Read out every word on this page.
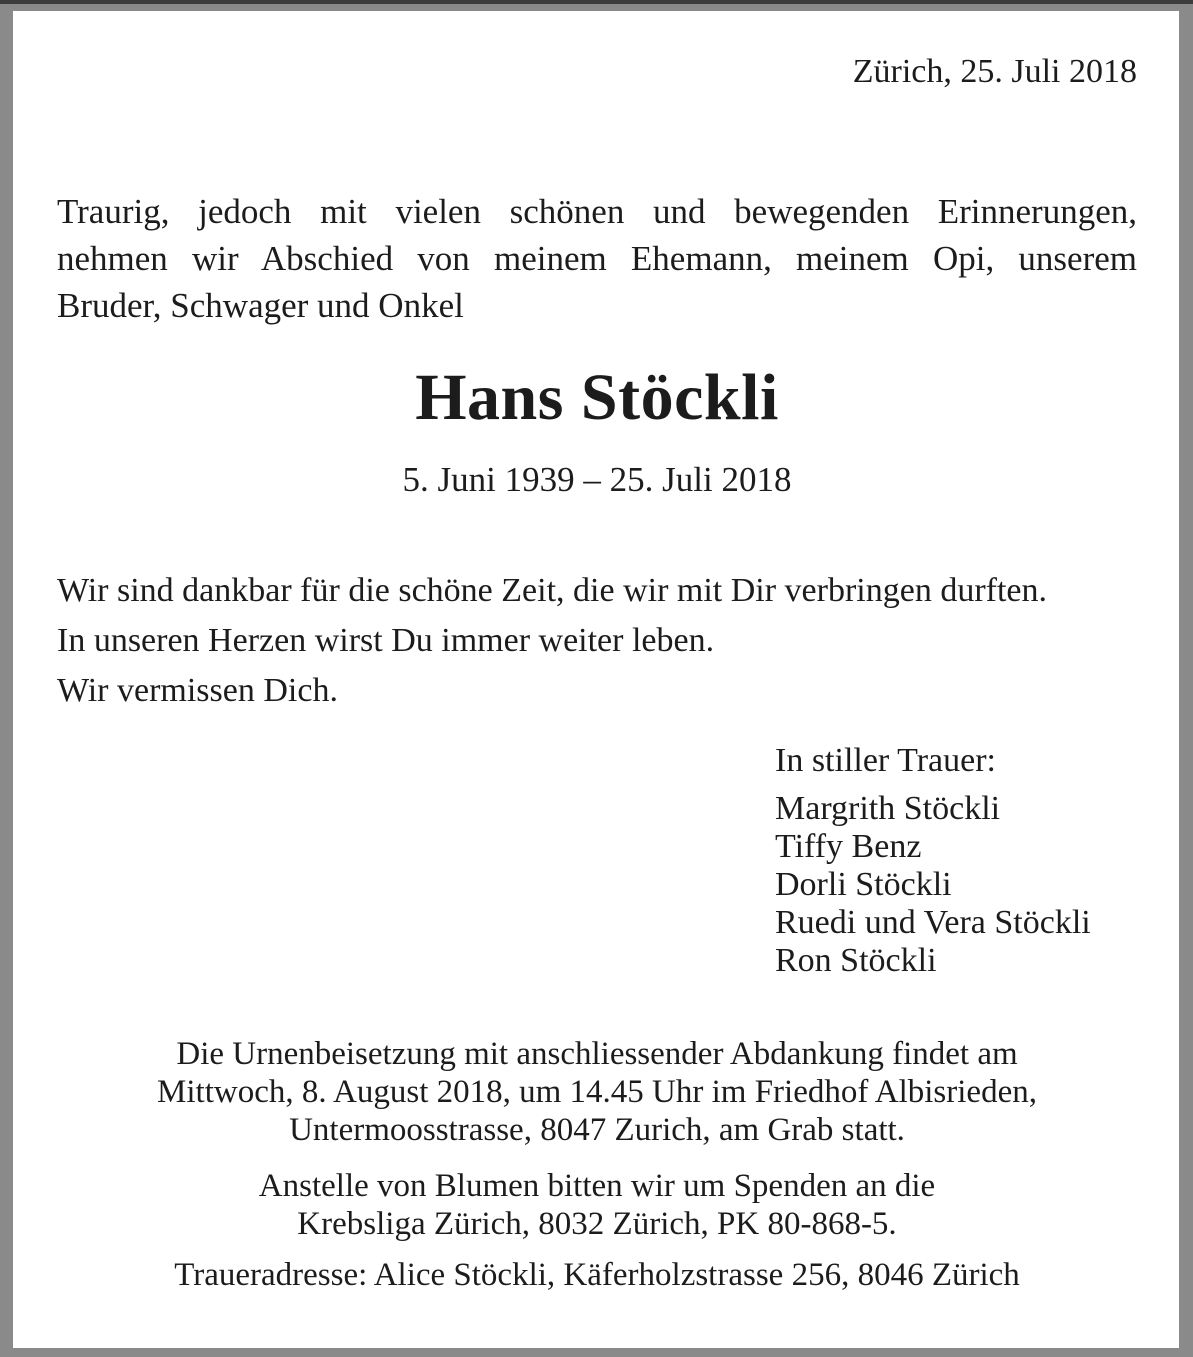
Zürich, 25. Juli 2018
Traurig, jedoch mit vielen schönen und bewegenden Erinnerungen,
nehmen wir Abschied von meinem Ehemann, meinem Opi, unserem
Bruder, Schwager und Onkel
Hans Stöckli
5. Juni 1939 – 25. Juli 2018
Wir sind dankbar für die schöne Zeit, die wir mit Dir verbringen durften.
In unseren Herzen wirst Du immer weiter leben.
Wir vermissen Dich.
In stiller Trauer:
Margrith Stöckli
Tiffy Benz
Dorli Stöckli
Ruedi und Vera Stöckli
Ron Stöckli
Die Urnenbeisetzung mit anschliessender Abdankung findet am
Mittwoch, 8. August 2018, um 14.45 Uhr im Friedhof Albisrieden,
Untermoosstrasse, 8047 Zurich, am Grab statt.
Anstelle von Blumen bitten wir um Spenden an die
Krebsliga Zürich, 8032 Zürich, PK 80-868-5.
Traueradresse: Alice Stöckli, Käferholzstrasse 256, 8046 Zürich
